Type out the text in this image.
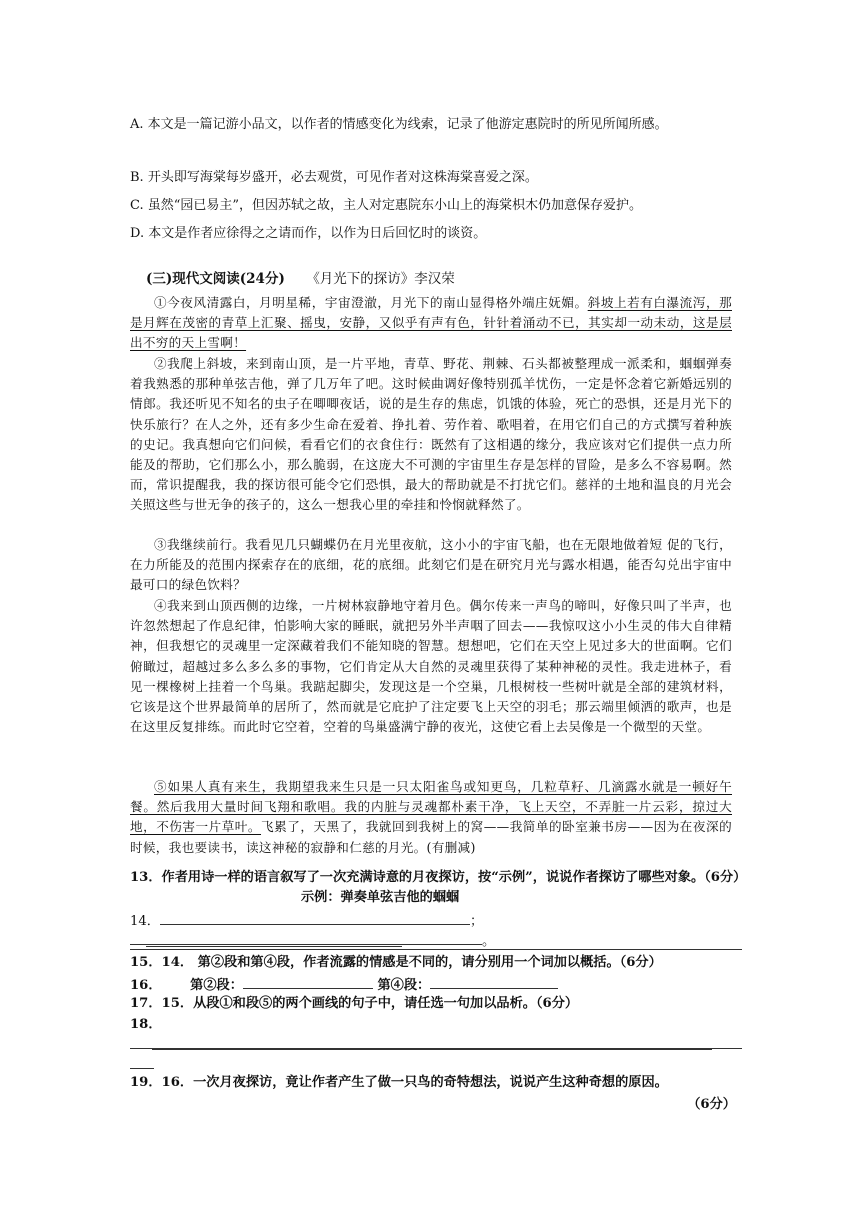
A. 本文是一篇记游小品文，以作者的情感变化为线索，记录了他游定惠院时的所见所闻所感。
B. 开头即写海棠每岁盛开，必去观赏，可见作者对这株海棠喜爱之深。
C. 虽然“园已易主”，但因苏轼之故，主人对定惠院东小山上的海棠枳木仍加意保存爱护。
D. 本文是作者应徐得之之请而作，以作为日后回忆时的谈资。
(三)现代文阅读(24分) 《月光下的探访》李汉荣
①今夜风清露白，月明星稀，宇宙澄澈，月光下的南山显得格外端庄妩媚。斜坡上若有白瀑流泻，那是月辉在茂密的青草上汇聚、摇曳，安静，又似乎有声有色，针针着涌动不已，其实却一动未动，这是层出不穷的天上雪啊！
②我爬上斜坡，来到南山顶，是一片平地，青草、野花、荆棘、石头都被整理成一派柔和，蝈蝈弹奏着我熟悉的那种单弦吉他，弹了几万年了吧。这时候曲调好像特别孤羊忧伤，一定是怀念着它新婚远别的情郎。我还听见不知名的虫子在唧唧夜话，说的是生存的焦虑，饥饿的体验，死亡的恐惧，还是月光下的快乐旅行？在人之外，还有多少生命在爱着、挣扎着、劳作着、歌唱着，在用它们自己的方式撰写着种族的史记。我真想向它们问候，看看它们的衣食住行：既然有了这相遇的缘分，我应该对它们提供一点力所能及的帮助，它们那么小，那么脆弱，在这庞大不可测的宇宙里生存是怎样的冒险，是多么不容易啊。然而，常识提醒我，我的探访很可能令它们恐惧，最大的帮助就是不打扰它们。慈祥的土地和温良的月光会关照这些与世无争的孩子的，这么一想我心里的牵挂和怜悯就释然了。
③我继续前行。我看见几只蝴蝶仍在月光里夜航，这小小的宇宙飞船，也在无限地做着短 促的飞行，在力所能及的范围内探索存在的底细，花的底细。此刻它们是在研究月光与露水相遇，能否勾兑出宇宙中最可口的绿色饮料？
④我来到山顶西侧的边缘，一片树林寂静地守着月色。偶尔传来一声鸟的啼叫，好像只叫了半声，也许忽然想起了作息纪律，怕影响大家的睡眠，就把另外半声咽了回去——我惊叹这小小生灵的伟大自律精神，但我想它的灵魂里一定深藏着我们不能知晓的智慧。想想吧，它们在天空上见过多大的世面啊。它们俯瞰过，超越过多么多么多的事物，它们肯定从大自然的灵魂里获得了某种神秘的灵性。我走进林子，看见一棵橡树上挂着一个鸟巢。我踮起脚尖，发现这是一个空巢，几根树枝一些树叶就是全部的建筑材料，它该是这个世界最简单的居所了，然而就是它庇护了注定要飞上天空的羽毛；那云端里倾洒的歌声，也是在这里反复排练。而此时它空着，空着的鸟巢盛满宁静的夜光，这使它看上去吴像是一个微型的天堂。
⑤如果人真有来生，我期望我来生只是一只太阳雀鸟或知更鸟，几粒草籽、几滴露水就是一顿好午餐。然后我用大量时间飞翔和歌唱。我的内脏与灵魂都朴素干净，飞上天空，不弄脏一片云彩，掠过大地，不伤害一片草叶。飞累了，天黑了，我就回到我树上的窝——我简单的卧室兼书房——因为在夜深的时候，我也要读书，读这神秘的寂静和仁慈的月光。(有删减)
13．作者用诗一样的语言叙写了一次充满诗意的月夜探访，按“示例”，说说作者探访了哪些对象。（6分）
示例：弹奏单弦吉他的蝈蝈
14．	；
。
15．14． 第②段和第④段，作者流露的情感是不同的，请分别用一个词加以概括。（6分）
16． 第②段：	第④段：
17．15．从段①和段⑤的两个画线的句子中，请任选一句加以品析。（6分）
18．
19．16．一次月夜探访，竟让作者产生了做一只鸟的奇特想法，说说产生这种奇想的原因。
（6分）
